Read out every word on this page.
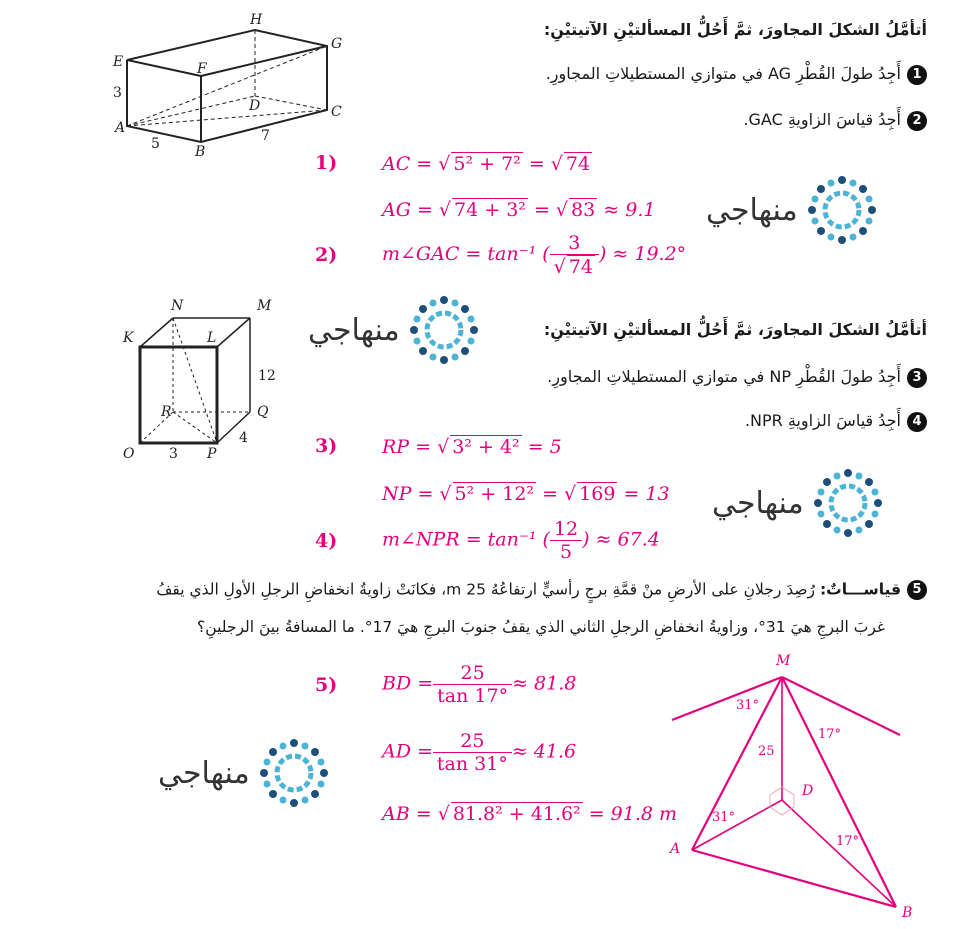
أتأمَّلُ الشكلَ المجاورَ، ثمَّ أَحُلُّ المسألتيْنِ الآتيتيْنِ:
1أَجِدُ طولَ القُطْرِ AG في متوازي المستطيلاتِ المجاورِ.
2أَجِدُ قياسَ الزاويةِ GAC.
H
G
E	F
D	C
A
B
3
5	7
1) AC = √ 5² + 7² = √ 74
AG = √ 74 + 3² = √ 83 ≈ 9.1
2) m∠GAC = tan⁻¹ ( $\frac{3}{√ 74}$ ) ≈ 19.2°
منهاجي
أتأمَّلُ الشكلَ المجاورَ، ثمَّ أَحُلُّ المسألتيْنِ الآتيتيْنِ:
3أَجِدُ طولَ القُطْرِ NP في متوازي المستطيلاتِ المجاورِ.
4أَجِدُ قياسَ الزاويةِ NPR.
N	M
K	L
R	Q
O	P
12
3
4
منهاجي
3) RP = √ 3² + 4² = 5
NP = √ 5² + 12² = √ 169 = 13
4) m∠NPR = tan⁻¹ ( $\frac{12}{5}$ ) ≈ 67.4
منهاجي
5قياســـاتٌ: رُصِدَ رجلانِ على الأرضِ منْ قمَّةِ برجٍ رأسيٍّ ارتفاعُهُ 25 m، فكانَتْ زاويةُ انخفاضِ الرجلِ الأولِ الذي يقفُ
غربَ البرجِ هيَ 31°، وزاويةُ انخفاضِ الرجلِ الثاني الذي يقفُ جنوبَ البرجِ هيَ 17°. ما المسافةُ بينَ الرجلينِ؟
5) BD = $\frac{25}{\tan 17^\circ} \approx 81.8$
AD = $\frac{25}{\tan 31^\circ} \approx 41.6$
AB = √ 81.8² + 41.6² = 91.8 m
منهاجي
M
D
A
B
31°
17°
31°
17°
25
